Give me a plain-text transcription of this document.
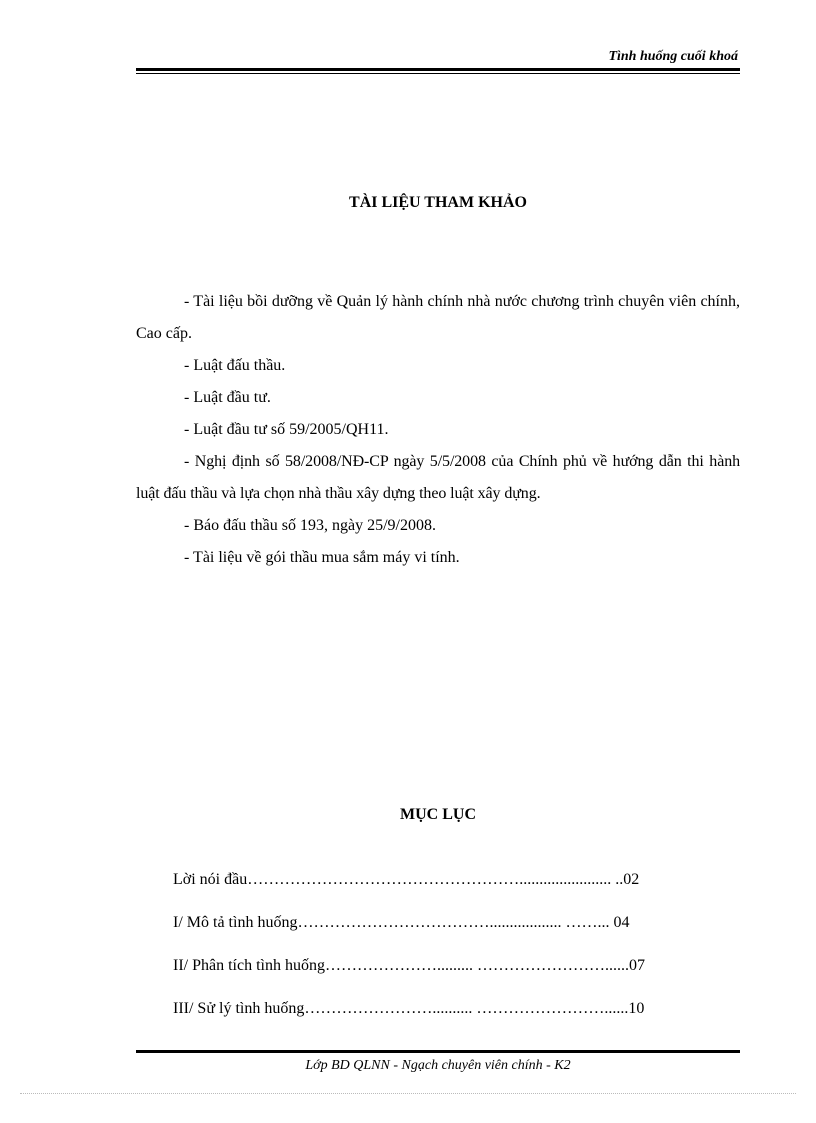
Tình huống cuối khoá
TÀI LIỆU THAM KHẢO
- Tài liệu bồi dưỡng về Quản lý hành chính nhà nước chương trình chuyên viên chính, Cao cấp.
- Luật đấu thầu.
- Luật đầu tư.
- Luật đầu tư số 59/2005/QH11.
- Nghị định số 58/2008/NĐ-CP ngày 5/5/2008 của Chính phủ về hướng dẫn thi hành luật đấu thầu và lựa chọn nhà thầu xây dựng theo luật xây dựng.
- Báo đấu thầu số 193, ngày 25/9/2008.
- Tài liệu về gói thầu mua sắm máy vi tính.
MỤC LỤC
Lời nói đầu……………………………………………....................... ..02
I/ Mô tả tình huống……………………………….................. ……... 04
II/ Phân tích tình huống…………………......... ……………………......07
III/ Sử lý tình huống…………………….......... ……………………......10
Lớp BD QLNN - Ngạch chuyên viên chính - K2
